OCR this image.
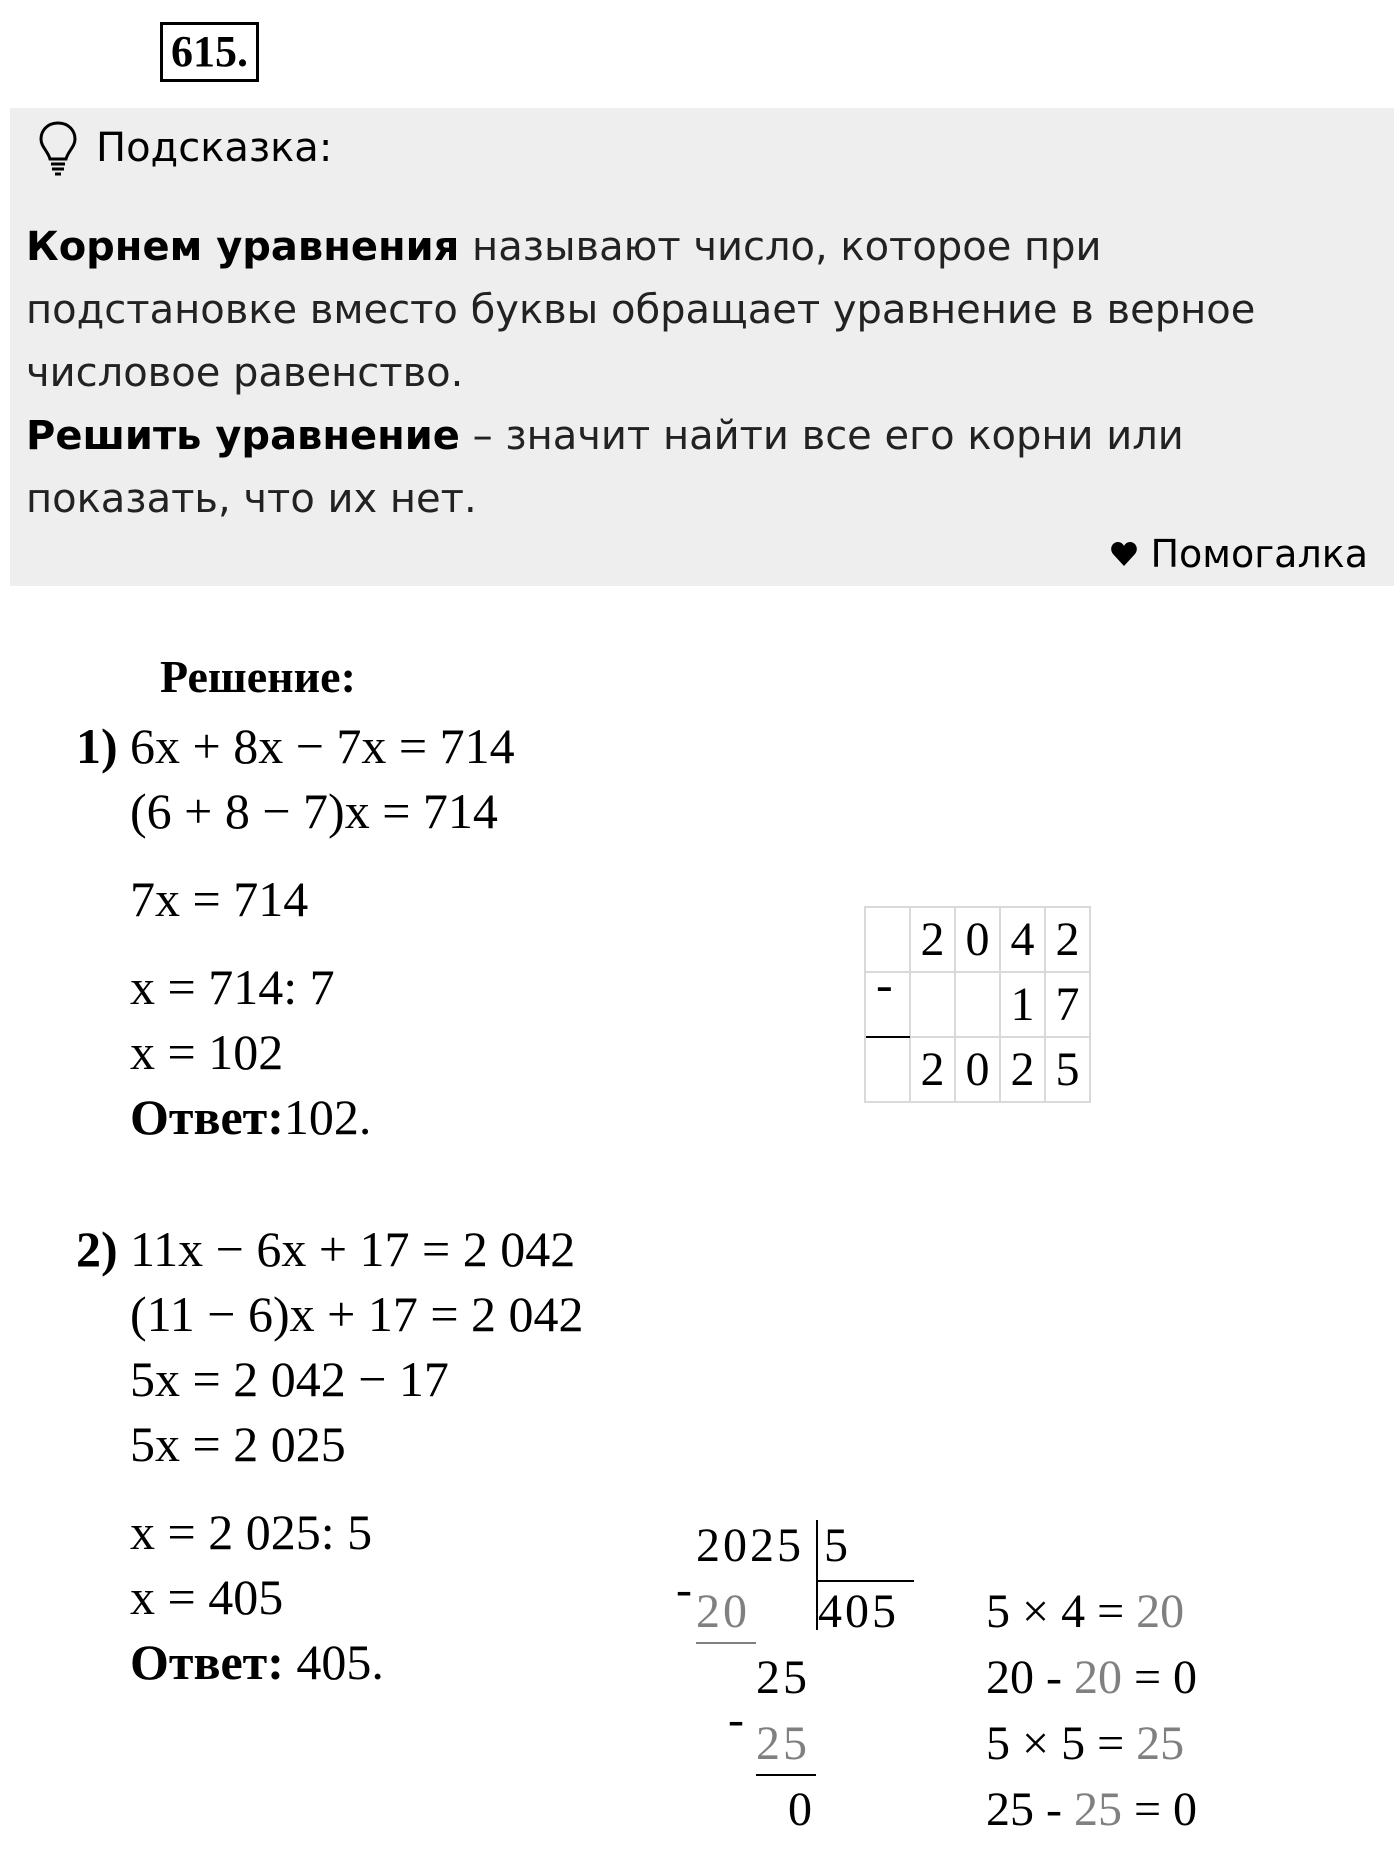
615.
Подсказка:
Корнем уравнения называют число, которое при подстановке вместо буквы обращает уравнение в верное числовое равенство.
Решить уравнение – значит найти все его корни или показать, что их нет.
Помогалка
Решение:
1) 6x + 8x − 7x = 714
(6 + 8 − 7)x = 714
7x = 714
x = 714: 7
x = 102
Ответ:102.
	2	0	4	2
			1	7
	2	0	2	5
-
2) 11x − 6x + 17 = 2 042
(11 − 6)x + 17 = 2 042
5x = 2 042 − 17
5x = 2 025
x = 2 025: 5
x = 405
Ответ: 405.
2025 5
405
- 20
25
- 25
0
5 × 4 = 20
20 - 20 = 0
5 × 5 = 25
25 - 25 = 0
